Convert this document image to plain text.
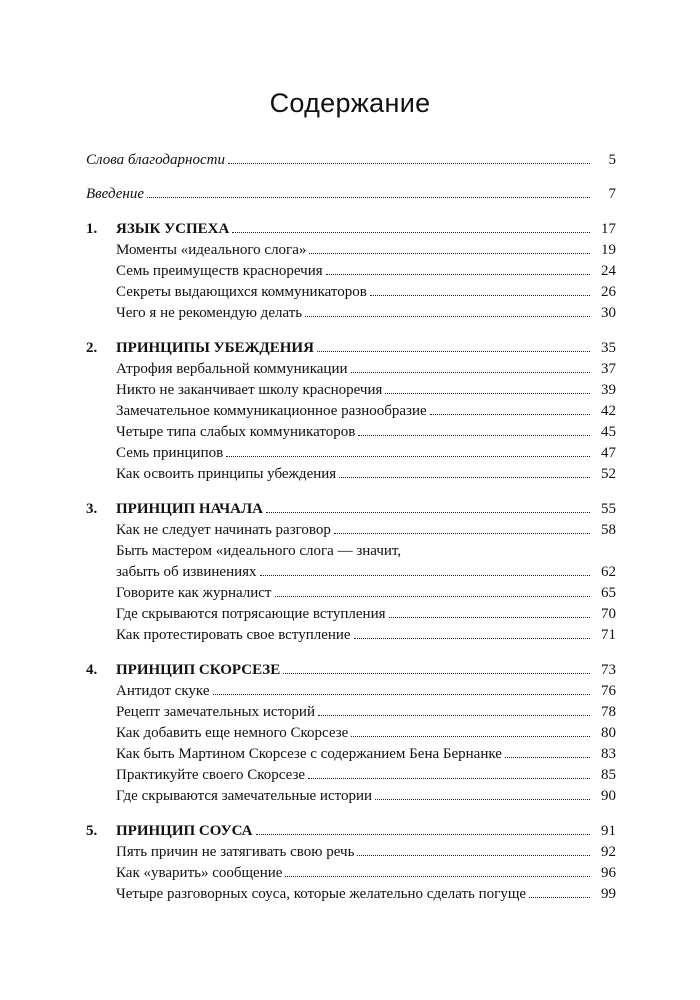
Содержание
Слова благодарности	5
Введение	7
1.	ЯЗЫК УСПЕХА	17
Моменты «идеального слога»	19
Семь преимуществ красноречия	24
Секреты выдающихся коммуникаторов	26
Чего я не рекомендую делать	30
2.	ПРИНЦИПЫ УБЕЖДЕНИЯ	35
Атрофия вербальной коммуникации	37
Никто не заканчивает школу красноречия	39
Замечательное коммуникационное разнообразие	42
Четыре типа слабых коммуникаторов	45
Семь принципов	47
Как освоить принципы убеждения	52
3.	ПРИНЦИП НАЧАЛА	55
Как не следует начинать разговор	58
Быть мастером «идеального слога — значит,
забыть об извинениях	62
Говорите как журналист	65
Где скрываются потрясающие вступления	70
Как протестировать свое вступление	71
4.	ПРИНЦИП СКОРСЕЗЕ	73
Антидот скуке	76
Рецепт замечательных историй	78
Как добавить еще немного Скорсезе	80
Как быть Мартином Скорсезе с содержанием Бена Бернанке	83
Практикуйте своего Скорсезе	85
Где скрываются замечательные истории	90
5.	ПРИНЦИП СОУСА	91
Пять причин не затягивать свою речь	92
Как «уварить» сообщение	96
Четыре разговорных соуса, которые желательно сделать погуще	99
